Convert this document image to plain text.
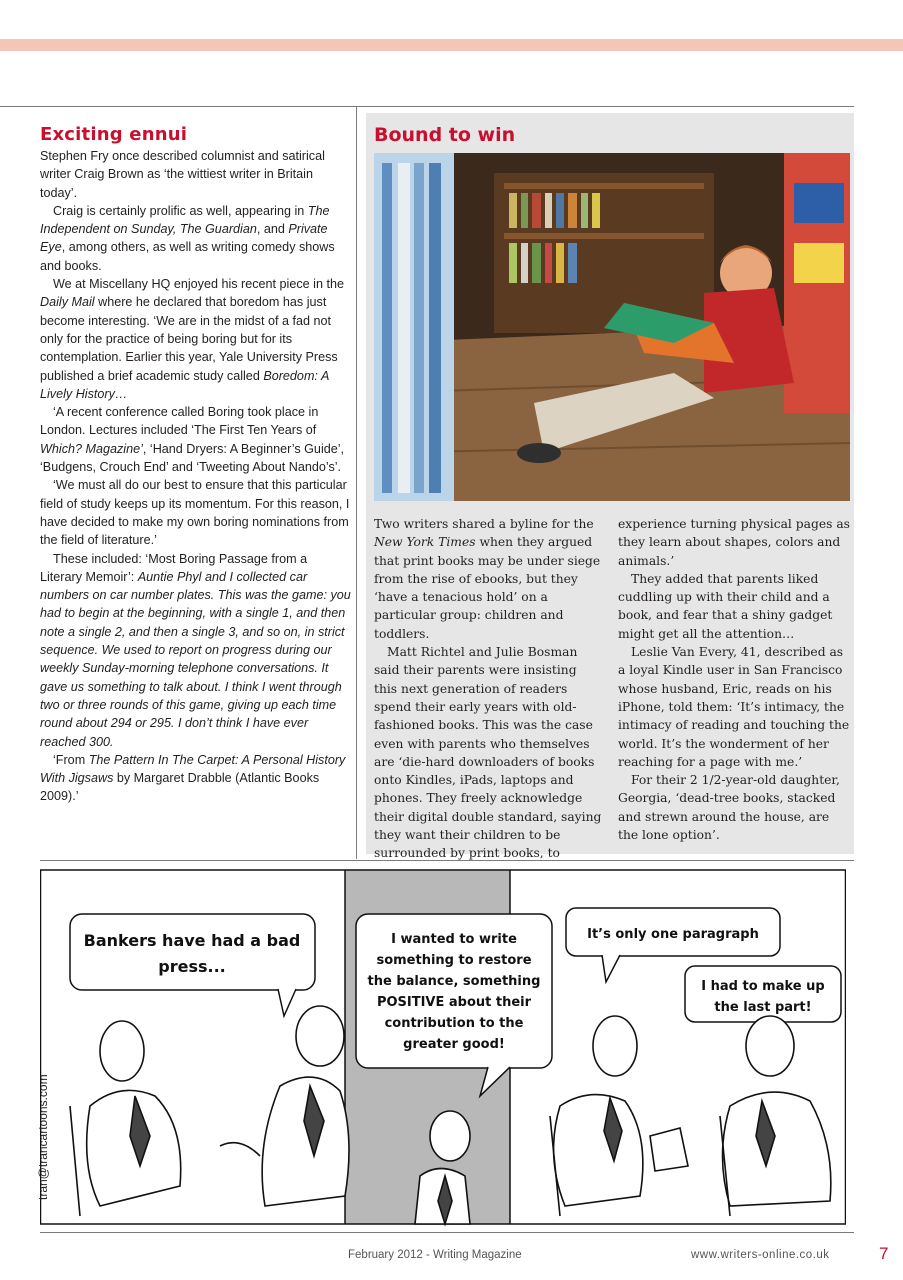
Exciting ennui

Stephen Fry once described columnist and satirical writer Craig Brown as ‘the wittiest writer in Britain today’.

Craig is certainly prolific as well, appearing in The Independent on Sunday, The Guardian, and Private Eye, among others, as well as writing comedy shows and books.

We at Miscellany HQ enjoyed his recent piece in the Daily Mail where he declared that boredom has just become interesting. ‘We are in the midst of a fad not only for the practice of being boring but for its contemplation. Earlier this year, Yale University Press published a brief academic study called Boredom: A Lively History…

‘A recent conference called Boring took place in London. Lectures included ‘The First Ten Years of Which? Magazine’, ‘Hand Dryers: A Beginner’s Guide’, ‘Budgens, Crouch End’ and ‘Tweeting About Nando’s’.

‘We must all do our best to ensure that this particular field of study keeps up its momentum. For this reason, I have decided to make my own boring nominations from the field of literature.’

These included: ‘Most Boring Passage from a Literary Memoir’: Auntie Phyl and I collected car numbers on car number plates. This was the game: you had to begin at the beginning, with a single 1, and then note a single 2, and then a single 3, and so on, in strict sequence. We used to report on progress during our weekly Sunday-morning telephone conversations. It gave us something to talk about. I think I went through two or three rounds of this game, giving up each time round about 294 or 295. I don’t think I have ever reached 300.

‘From The Pattern In The Carpet: A Personal History With Jigsaws by Margaret Drabble (Atlantic Books 2009).’

Bound to win

Two writers shared a byline for the New York Times when they argued that print books may be under siege from the rise of ebooks, but they ‘have a tenacious hold’ on a particular group: children and toddlers.

Matt Richtel and Julie Bosman said their parents were insisting this next generation of readers spend their early years with old-fashioned books. This was the case even with parents who themselves are ‘die-hard downloaders of books onto Kindles, iPads, laptops and phones. They freely acknowledge their digital double standard, saying they want their children to be surrounded by print books, to

experience turning physical pages as they learn about shapes, colors and animals.’

They added that parents liked cuddling up with their child and a book, and fear that a shiny gadget might get all the attention…

Leslie Van Every, 41, described as a loyal Kindle user in San Francisco whose husband, Eric, reads on his iPhone, told them: ‘It’s intimacy, the intimacy of reading and touching the world. It’s the wonderment of her reaching for a page with me.’

For their 2 1/2-year-old daughter, Georgia, ‘dead-tree books, stacked and strewn around the house, are the lone option’.

Bankers have had a bad
press...
I wanted to write
something to restore
the balance, something
POSITIVE about their
contribution to the
greater good!
It’s only one paragraph
I had to make up
the last part!
tran@trancartoons.com
February 2012 - Writing Magazine	www.writers-online.co.uk	7
